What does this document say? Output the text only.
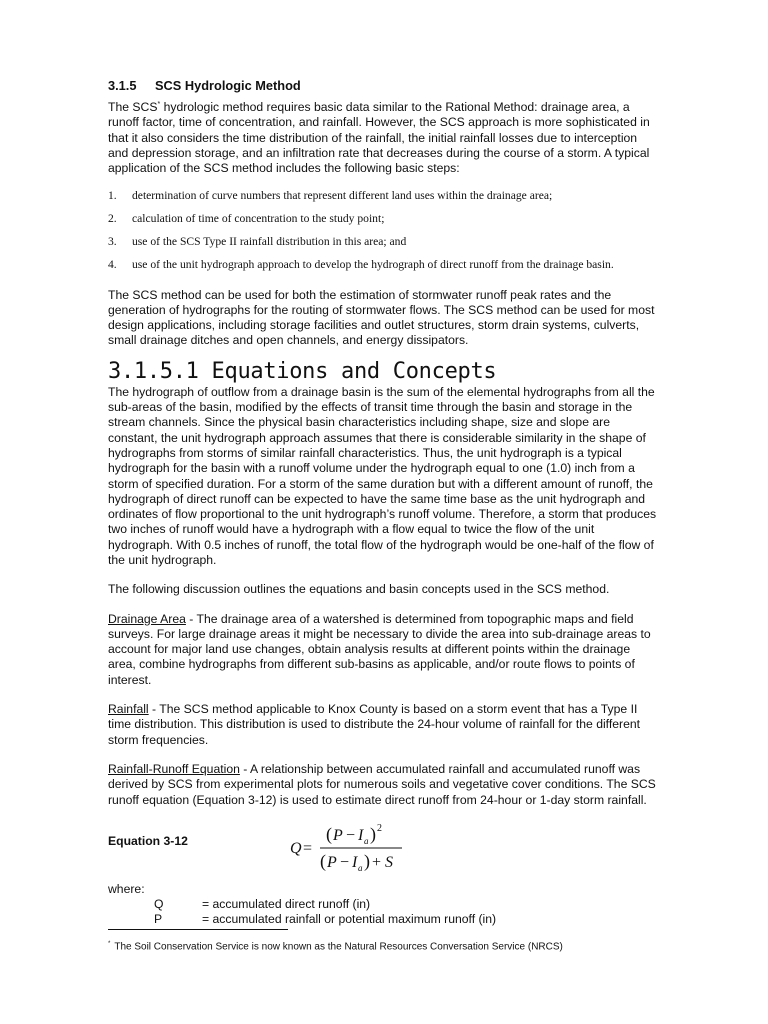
3.1.5 SCS Hydrologic Method

The SCS* hydrologic method requires basic data similar to the Rational Method: drainage area, a runoff factor, time of concentration, and rainfall. However, the SCS approach is more sophisticated in that it also considers the time distribution of the rainfall, the initial rainfall losses due to interception and depression storage, and an infiltration rate that decreases during the course of a storm. A typical application of the SCS method includes the following basic steps:

1.	determination of curve numbers that represent different land uses within the drainage area;
2.	calculation of time of concentration to the study point;
3.	use of the SCS Type II rainfall distribution in this area; and
4.	use of the unit hydrograph approach to develop the hydrograph of direct runoff from the drainage basin.

The SCS method can be used for both the estimation of stormwater runoff peak rates and the generation of hydrographs for the routing of stormwater flows. The SCS method can be used for most design applications, including storage facilities and outlet structures, storm drain systems, culverts, small drainage ditches and open channels, and energy dissipators.

3.1.5.1 Equations and Concepts

The hydrograph of outflow from a drainage basin is the sum of the elemental hydrographs from all the sub-areas of the basin, modified by the effects of transit time through the basin and storage in the stream channels. Since the physical basin characteristics including shape, size and slope are constant, the unit hydrograph approach assumes that there is considerable similarity in the shape of hydrographs from storms of similar rainfall characteristics. Thus, the unit hydrograph is a typical hydrograph for the basin with a runoff volume under the hydrograph equal to one (1.0) inch from a storm of specified duration. For a storm of the same duration but with a different amount of runoff, the hydrograph of direct runoff can be expected to have the same time base as the unit hydrograph and ordinates of flow proportional to the unit hydrograph’s runoff volume. Therefore, a storm that produces two inches of runoff would have a hydrograph with a flow equal to twice the flow of the unit hydrograph. With 0.5 inches of runoff, the total flow of the hydrograph would be one-half of the flow of the unit hydrograph.

The following discussion outlines the equations and basin concepts used in the SCS method.

Drainage Area - The drainage area of a watershed is determined from topographic maps and field surveys. For large drainage areas it might be necessary to divide the area into sub-drainage areas to account for major land use changes, obtain analysis results at different points within the drainage area, combine hydrographs from different sub-basins as applicable, and/or route flows to points of interest.

Rainfall - The SCS method applicable to Knox County is based on a storm event that has a Type II time distribution. This distribution is used to distribute the 24-hour volume of rainfall for the different storm frequencies.

Rainfall-Runoff Equation - A relationship between accumulated rainfall and accumulated runoff was derived by SCS from experimental plots for numerous soils and vegetative cover conditions. The SCS runoff equation (Equation 3-12) is used to estimate direct runoff from 24-hour or 1-day storm rainfall.

Equation 3-12	Q =
( P − I a ) 2
( P − I a ) + S
where:
Q	= accumulated direct runoff (in)
P	= accumulated rainfall or potential maximum runoff (in)
* The Soil Conservation Service is now known as the Natural Resources Conversation Service (NRCS)
